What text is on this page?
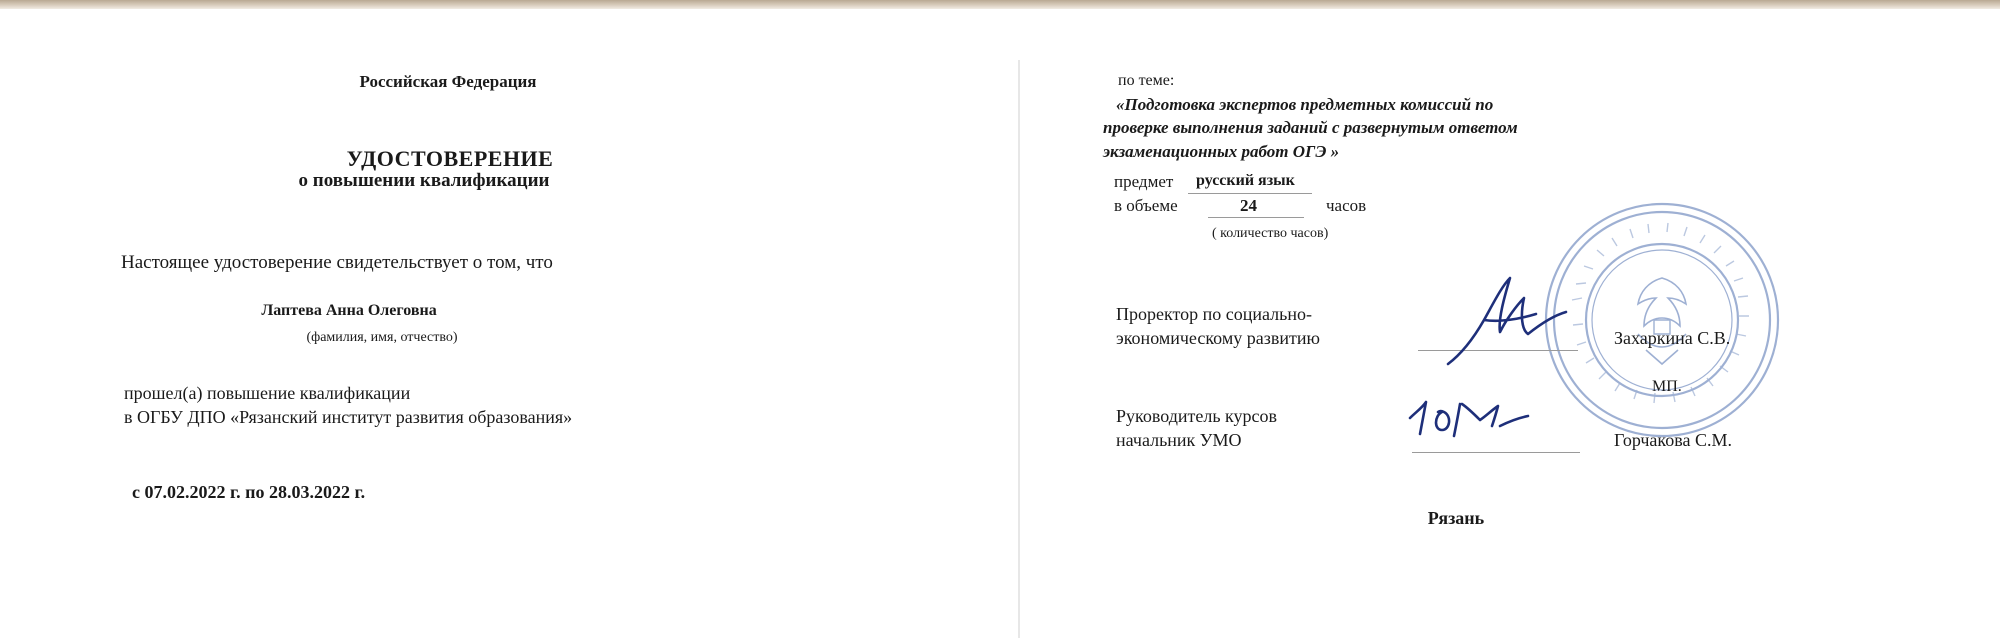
Российская Федерация
УДОСТОВЕРЕНИЕ
о повышении квалификации
Настоящее удостоверение свидетельствует о том, что
Лаптева Анна Олеговна
(фамилия, имя, отчество)
прошел(а) повышение квалификации
в ОГБУ ДПО «Рязанский институт развития образования»
с 07.02.2022 г. по 28.03.2022 г.
по теме:
«Подготовка экспертов предметных комиссий по
проверке выполнения заданий с развернутым ответом
экзаменационных работ ОГЭ »
предмет русский язык
в объеме	24	часов
( количество часов)
Проректор по социально-
экономическому развитию	Захаркина С.В.
МП.
Руководитель курсов
начальник УМО	Горчакова С.М.
Рязань
